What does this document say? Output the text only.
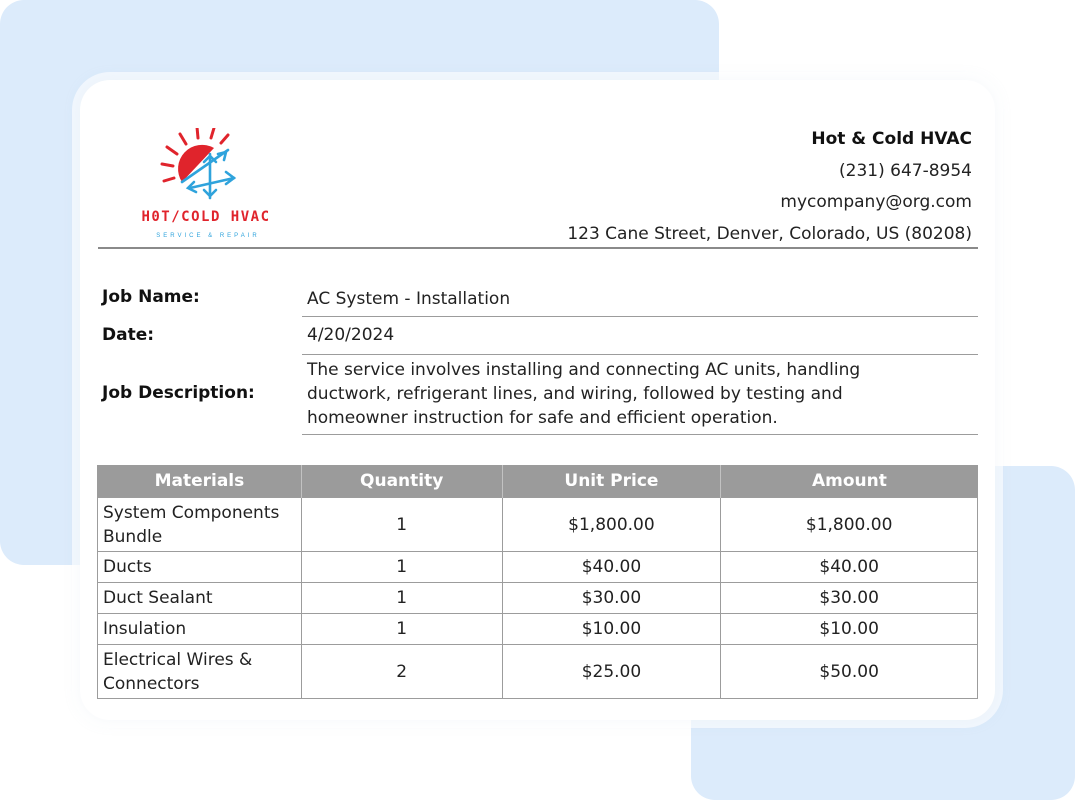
H0T/COLD HVAC
SERVICE & REPAIR
Hot & Cold HVAC
(231) 647-8954
mycompany@org.com
123 Cane Street, Denver, Colorado, US (80208)
Job Name:	AC System - Installation
Date:	4/20/2024
Job Description:
The service involves installing and connecting AC units, handling ductwork, refrigerant lines, and wiring, followed by testing and homeowner instruction for safe and efficient operation.
Materials	Quantity	Unit Price	Amount
System Components Bundle	1	$1,800.00	$1,800.00
Ducts	1	$40.00	$40.00
Duct Sealant	1	$30.00	$30.00
Insulation	1	$10.00	$10.00
Electrical Wires & Connectors	2	$25.00	$50.00
